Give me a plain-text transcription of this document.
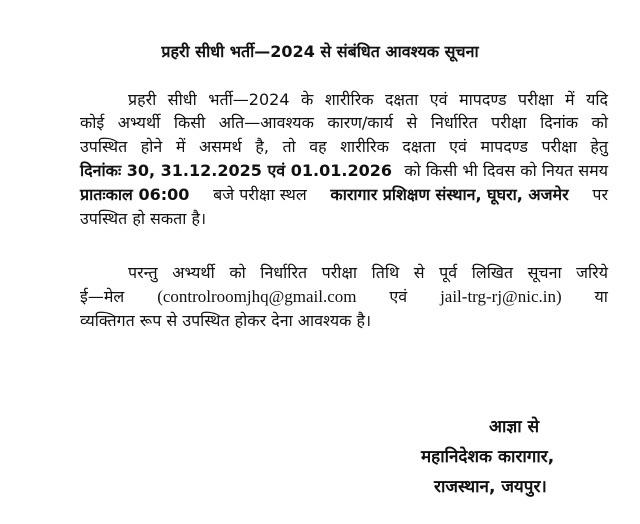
प्रहरी सीधी भर्ती—2024 से संबंधित आवश्यक सूचना
प्रहरी सीधी भर्ती—2024 के शारीरिक दक्षता एवं मापदण्ड परीक्षा में यदि
कोई अभ्यर्थी किसी अति—आवश्यक कारण/कार्य से निर्धारित परीक्षा दिनांक को
उपस्थित होने में असमर्थ है, तो वह शारीरिक दक्षता एवं मापदण्ड परीक्षा हेतु
दिनांकः 30, 31.12.2025 एवं 01.01.2026 को किसी भी दिवस को नियत समय
प्रातःकाल 06:00 बजे परीक्षा स्थल कारागार प्रशिक्षण संस्थान, घूघरा, अजमेर पर
उपस्थित हो सकता है।
परन्तु अभ्यर्थी को निर्धारित परीक्षा तिथि से पूर्व लिखित सूचना जरिये
ई—मेल (controlroomjhq@gmail.com एवं jail-trg-rj@nic.in) या
व्यक्तिगत रूप से उपस्थित होकर देना आवश्यक है।
आज्ञा से
महानिदेशक कारागार,
राजस्थान, जयपुर।
